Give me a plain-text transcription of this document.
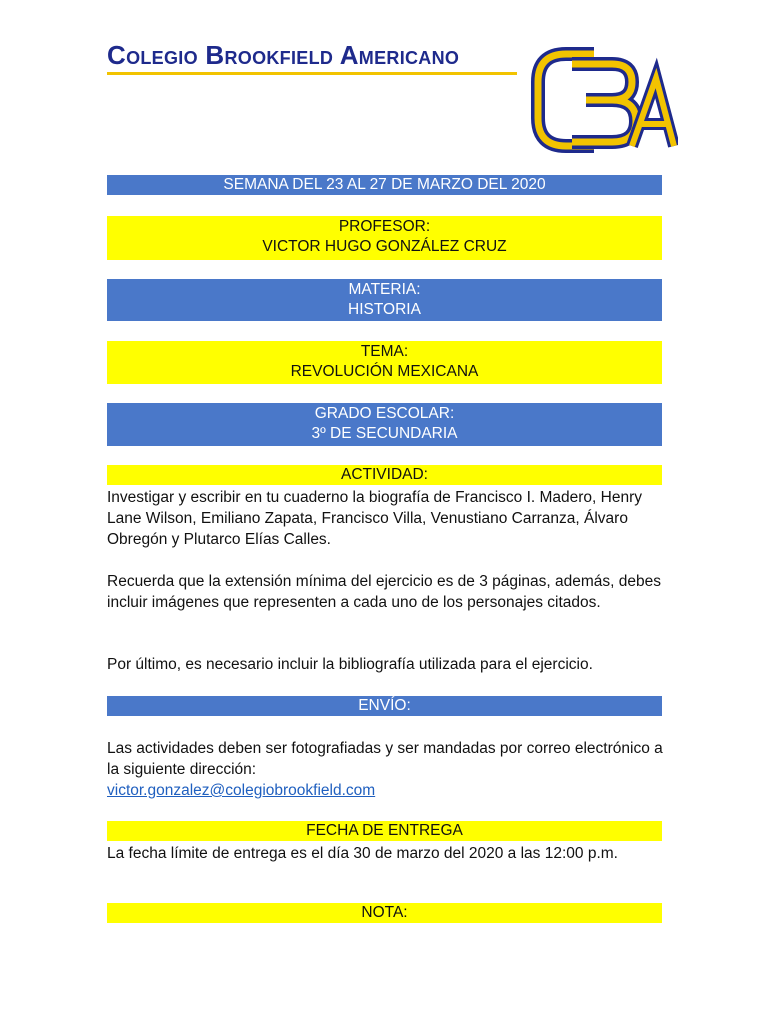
Colegio Brookfield Americano
SEMANA DEL 23 AL 27 DE MARZO DEL 2020
PROFESOR:
VICTOR HUGO GONZÁLEZ CRUZ
MATERIA:
HISTORIA
TEMA:
REVOLUCIÓN MEXICANA
GRADO ESCOLAR:
3º DE SECUNDARIA
ACTIVIDAD:
Investigar y escribir en tu cuaderno la biografía de Francisco I. Madero, Henry Lane Wilson, Emiliano Zapata, Francisco Villa, Venustiano Carranza, Álvaro Obregón y Plutarco Elías Calles.
Recuerda que la extensión mínima del ejercicio es de 3 páginas, además, debes incluir imágenes que representen a cada uno de los personajes citados.
Por último, es necesario incluir la bibliografía utilizada para el ejercicio.
ENVÍO:
Las actividades deben ser fotografiadas y ser mandadas por correo electrónico a la siguiente dirección:
victor.gonzalez@colegiobrookfield.com
FECHA DE ENTREGA
La fecha límite de entrega es el día 30 de marzo del 2020 a las 12:00 p.m.
NOTA:
